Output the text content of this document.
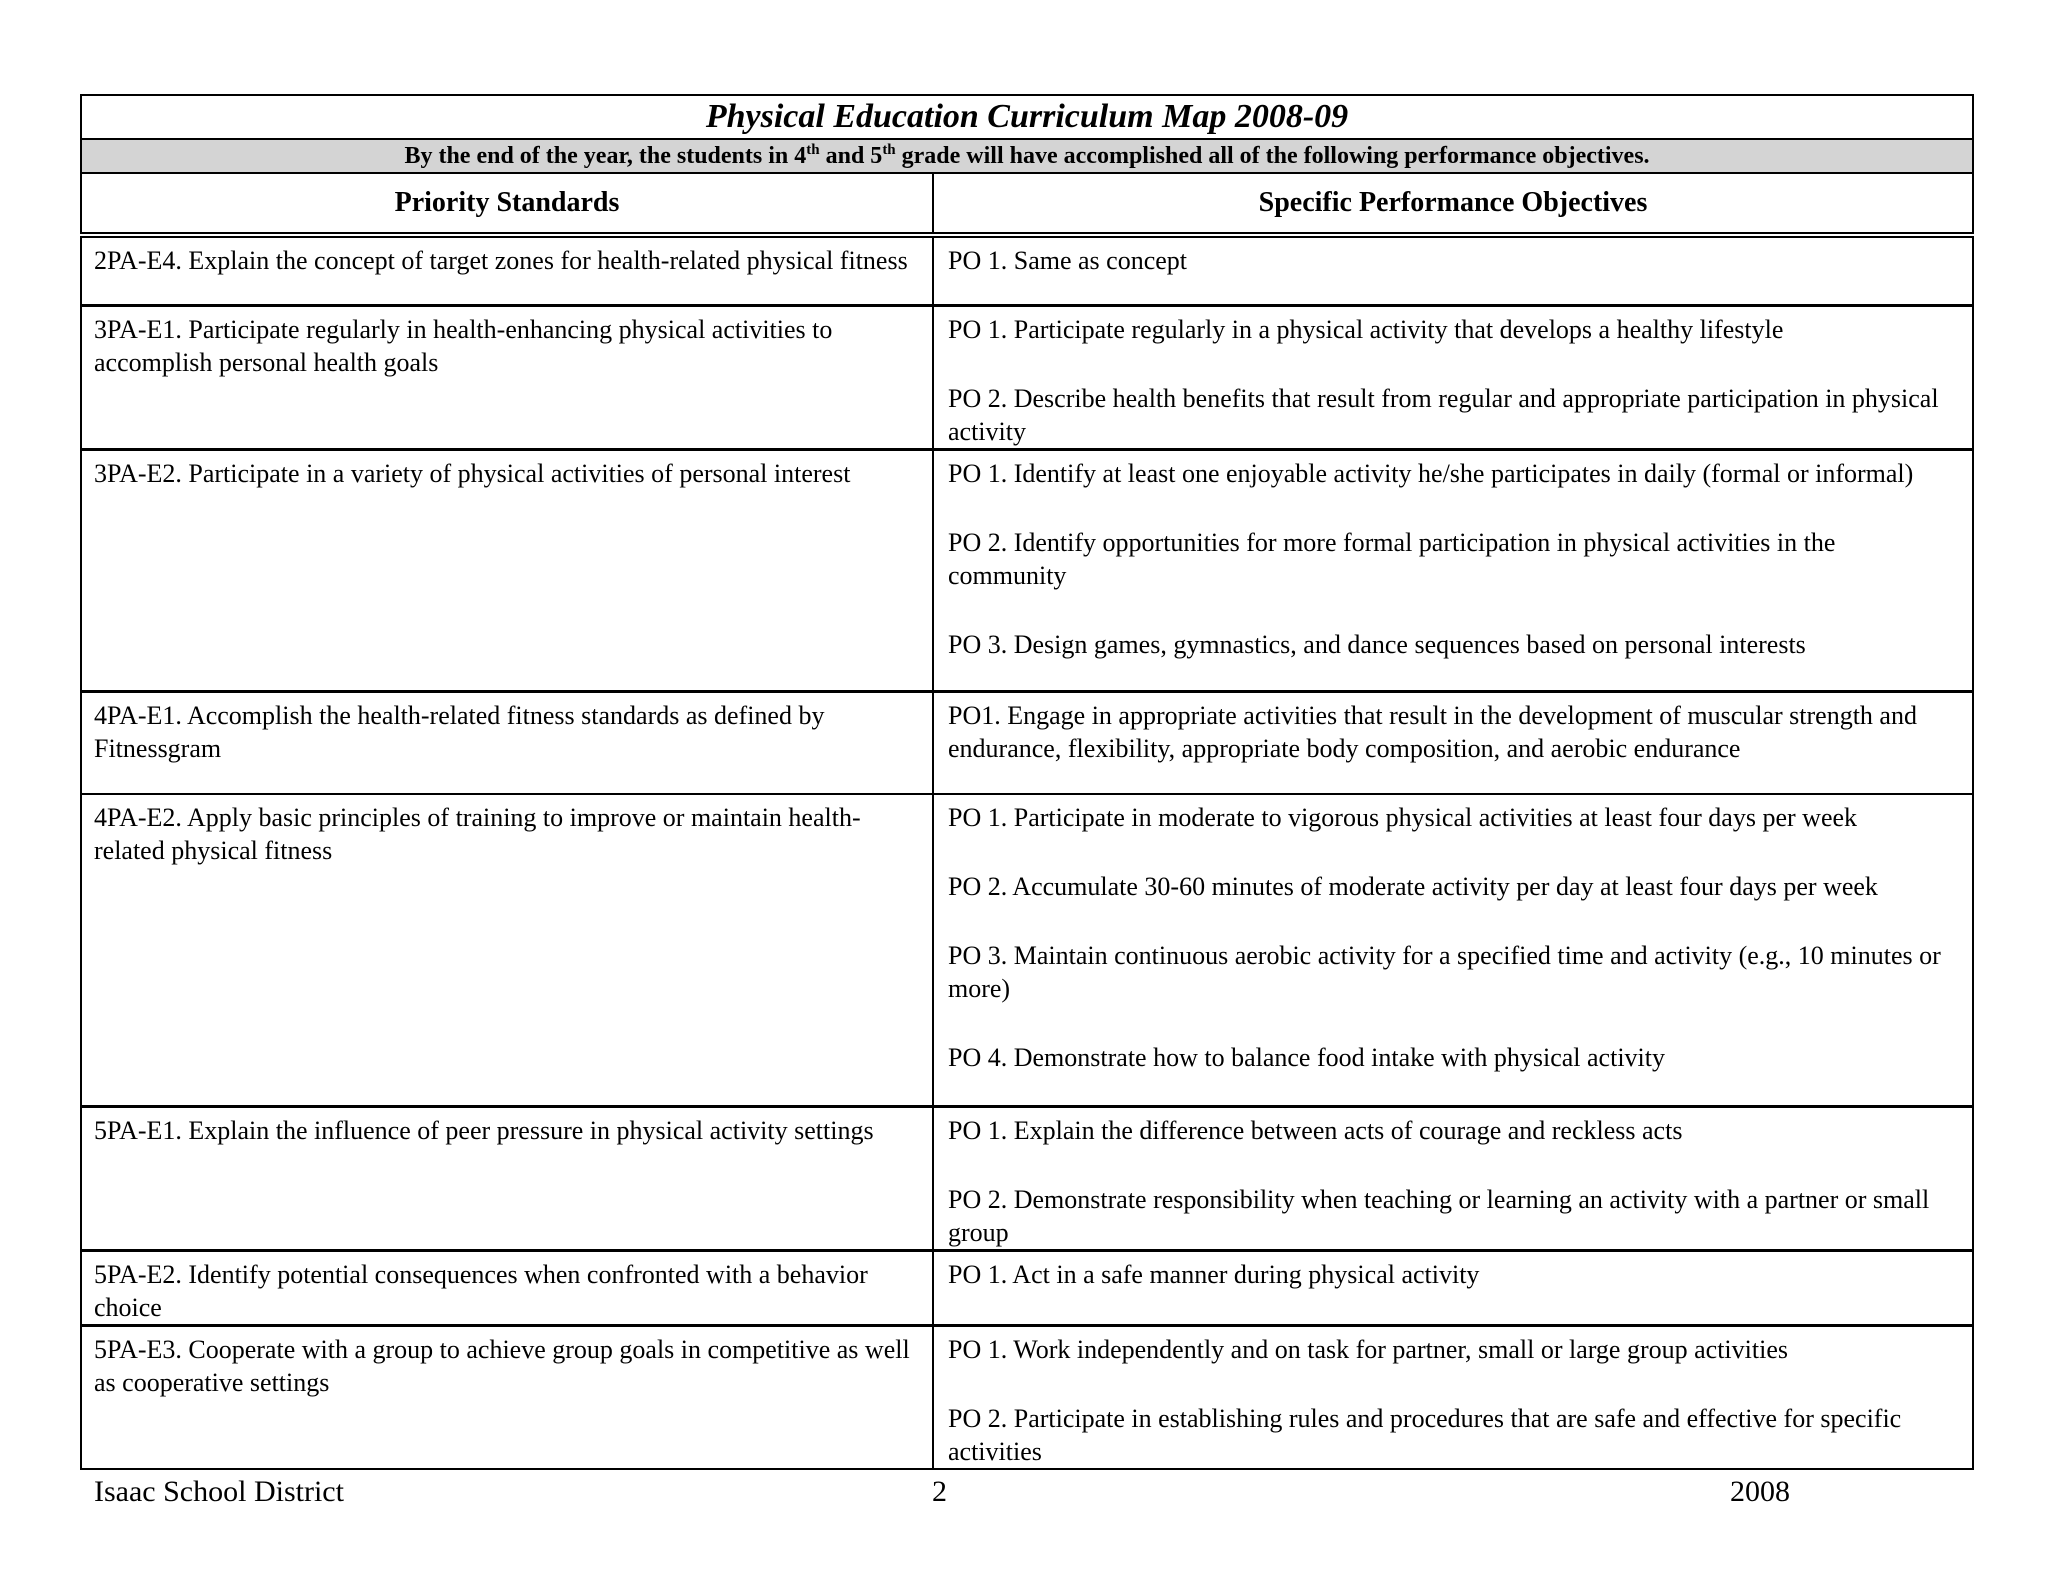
Physical Education Curriculum Map 2008-09	
By the end of the year, the students in 4th and 5th grade will have accomplished all of the following performance objectives.	
Priority Standards	Specific Performance Objectives
2PA-E4. Explain the concept of target zones for health-related physical fitness	PO 1. Same as concept

3PA-E1. Participate regularly in health-enhancing physical activities to accomplish personal health goals	PO 1. Participate regularly in a physical activity that develops a healthy lifestyle
PO 2. Describe health benefits that result from regular and appropriate participation in physical activity

3PA-E2. Participate in a variety of physical activities of personal interest	PO 1. Identify at least one enjoyable activity he/she participates in daily (formal or informal)
PO 2. Identify opportunities for more formal participation in physical activities in the community
PO 3. Design games, gymnastics, and dance sequences based on personal interests

4PA-E1. Accomplish the health-related fitness standards as defined by Fitnessgram	PO1. Engage in appropriate activities that result in the development of muscular strength and endurance, flexibility, appropriate body composition, and aerobic endurance

4PA-E2. Apply basic principles of training to improve or maintain health-related physical fitness	PO 1. Participate in moderate to vigorous physical activities at least four days per week
PO 2. Accumulate 30-60 minutes of moderate activity per day at least four days per week
PO 3. Maintain continuous aerobic activity for a specified time and activity (e.g., 10 minutes or more)
PO 4. Demonstrate how to balance food intake with physical activity

5PA-E1. Explain the influence of peer pressure in physical activity settings	PO 1. Explain the difference between acts of courage and reckless acts
PO 2. Demonstrate responsibility when teaching or learning an activity with a partner or small group

5PA-E2. Identify potential consequences when confronted with a behavior choice	PO 1. Act in a safe manner during physical activity

5PA-E3. Cooperate with a group to achieve group goals in competitive as well as cooperative settings	PO 1. Work independently and on task for partner, small or large group activities
PO 2. Participate in establishing rules and procedures that are safe and effective for specific activities
Isaac School District	2	2008
